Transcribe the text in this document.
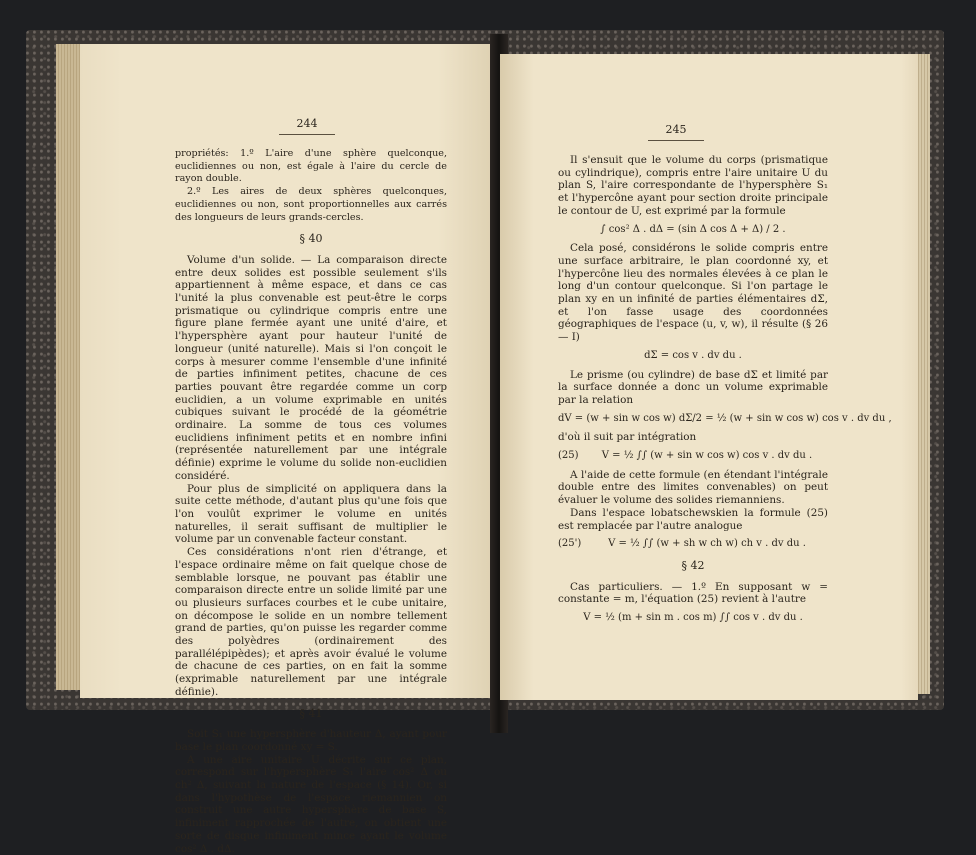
244

propriétés: 1.º L'aire d'une sphère quelconque, euclidiennes ou non, est égale à l'aire du cercle de rayon double.

2.º Les aires de deux sphères quelconques, euclidiennes ou non, sont proportionnelles aux carrés des longueurs de leurs grands-cercles.

§ 40

Volume d'un solide. — La comparaison directe entre deux solides est possible seulement s'ils appartiennent à même espace, et dans ce cas l'unité la plus convenable est peut-être le corps prismatique ou cylindrique compris entre une figure plane fermée ayant une unité d'aire, et l'hypersphère ayant pour hauteur l'unité de longueur (unité naturelle). Mais si l'on conçoit le corps à mesurer comme l'ensemble d'une infinité de parties infiniment petites, chacune de ces parties pouvant être regardée comme un corp euclidien, a un volume exprimable en unités cubiques suivant le procédé de la géométrie ordinaire. La somme de tous ces volumes euclidiens infiniment petits et en nombre infini (représentée naturellement par une intégrale définie) exprime le volume du solide non-euclidien considéré.

Pour plus de simplicité on appliquera dans la suite cette méthode, d'autant plus qu'une fois que l'on voulût exprimer le volume en unités naturelles, il serait suffisant de multiplier le volume par un convenable facteur constant.

Ces considérations n'ont rien d'étrange, et l'espace ordinaire même on fait quelque chose de semblable lorsque, ne pouvant pas établir une comparaison directe entre un solide limité par une ou plusieurs surfaces courbes et le cube unitaire, on décompose le solide en un nombre tellement grand de parties, qu'on puisse les regarder comme des polyèdres (ordinairement des parallélépipèdes); et après avoir évalué le volume de chacune de ces parties, on en fait la somme (exprimable naturellement par une intégrale définie).

§ 41

Soit S₁ une hypersphère d'hauteur Δ, ayant pour base le plan coordonné xy = S.

A une aire unitaire U décrite sur ce plan, correspond sur l'hypersphère S₁ l'aire cos² Δ ou ch² Δ, suivant la nature de l'espace (§ 14). Or, si dans l'hypothèse de l'espace riemannien on construit une autre hypersphère de base S, infiniment rapprochée de l'autre, on obtient une sorte de disque infiniment mince ayant le volume cos² Δ . dΔ.

245

Il s'ensuit que le volume du corps (prismatique ou cylindrique), compris entre l'aire unitaire U du plan S, l'aire correspondante de l'hypersphère S₁ et l'hypercône ayant pour section droite principale le contour de U, est exprimé par la formule

∫ cos² Δ . dΔ = (sin Δ cos Δ + Δ) / 2 .

Cela posé, considérons le solide compris entre une surface arbitraire, le plan coordonné xy, et l'hypercône lieu des normales élevées à ce plan le long d'un contour quelconque. Si l'on partage le plan xy en un infinité de parties élémentaires dΣ, et l'on fasse usage des coordonnées géographiques de l'espace (u, v, w), il résulte (§ 26 — I)

dΣ = cos v . dv du .

Le prisme (ou cylindre) de base dΣ et limité par la surface donnée a donc un volume exprimable par la relation

dV = (w + sin w cos w) dΣ/2 = ½ (w + sin w cos w) cos v . dv du ,

d'où il suit par intégration

(25)	V = ½ ∫∫ (w + sin w cos w) cos v . dv du .

A l'aide de cette formule (en étendant l'intégrale double entre des limites convenables) on peut évaluer le volume des solides riemanniens.

Dans l'espace lobatschewskien la formule (25) est remplacée par l'autre analogue

(25')	V = ½ ∫∫ (w + sh w ch w) ch v . dv du .
§ 42

Cas particuliers. — 1.º En supposant w = constante = m, l'équation (25) revient à l'autre

V = ½ (m + sin m . cos m) ∫∫ cos v . dv du .
